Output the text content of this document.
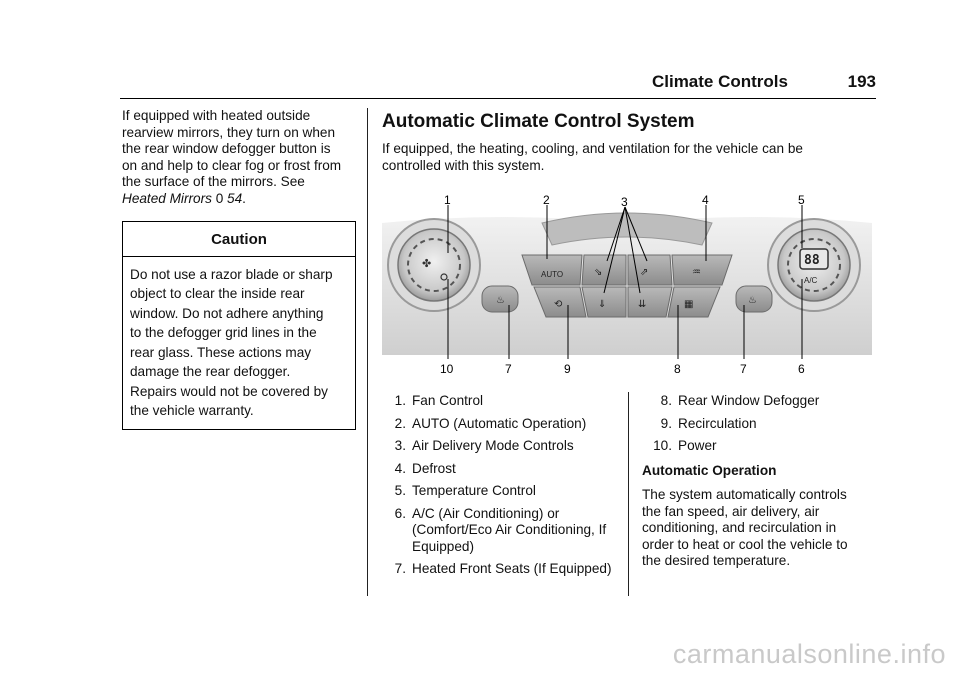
Climate Controls	193

If equipped with heated outside
rearview mirrors, they turn on when
the rear window defogger button is
on and help to clear fog or frost from
the surface of the mirrors. See
Heated Mirrors 0 54.

Caution
Do not use a razor blade or sharp
object to clear the inside rear
window. Do not adhere anything
to the defogger grid lines in the
rear glass. These actions may
damage the rear defogger.
Repairs would not be covered by
the vehicle warranty.
Automatic Climate Control System

If equipped, the heating, cooling, and ventilation for the vehicle can be
controlled with this system.

✤	88
A/C
AUTO	⇘	⇗	♒
⟲	⇓	⇊	▦
♨	♨
1	2	3	4	5
10	7	9	8	7	6
1. Fan Control
2. AUTO (Automatic Operation)
3. Air Delivery Mode Controls
4. Defrost
5. Temperature Control
6. A/C (Air Conditioning) or (Comfort/Eco Air Conditioning, If Equipped)
7. Heated Front Seats (If Equipped)
8. Rear Window Defogger
9. Recirculation
10. Power
Automatic Operation

The system automatically controls
the fan speed, air delivery, air
conditioning, and recirculation in
order to heat or cool the vehicle to
the desired temperature.

carmanualsonline.info
